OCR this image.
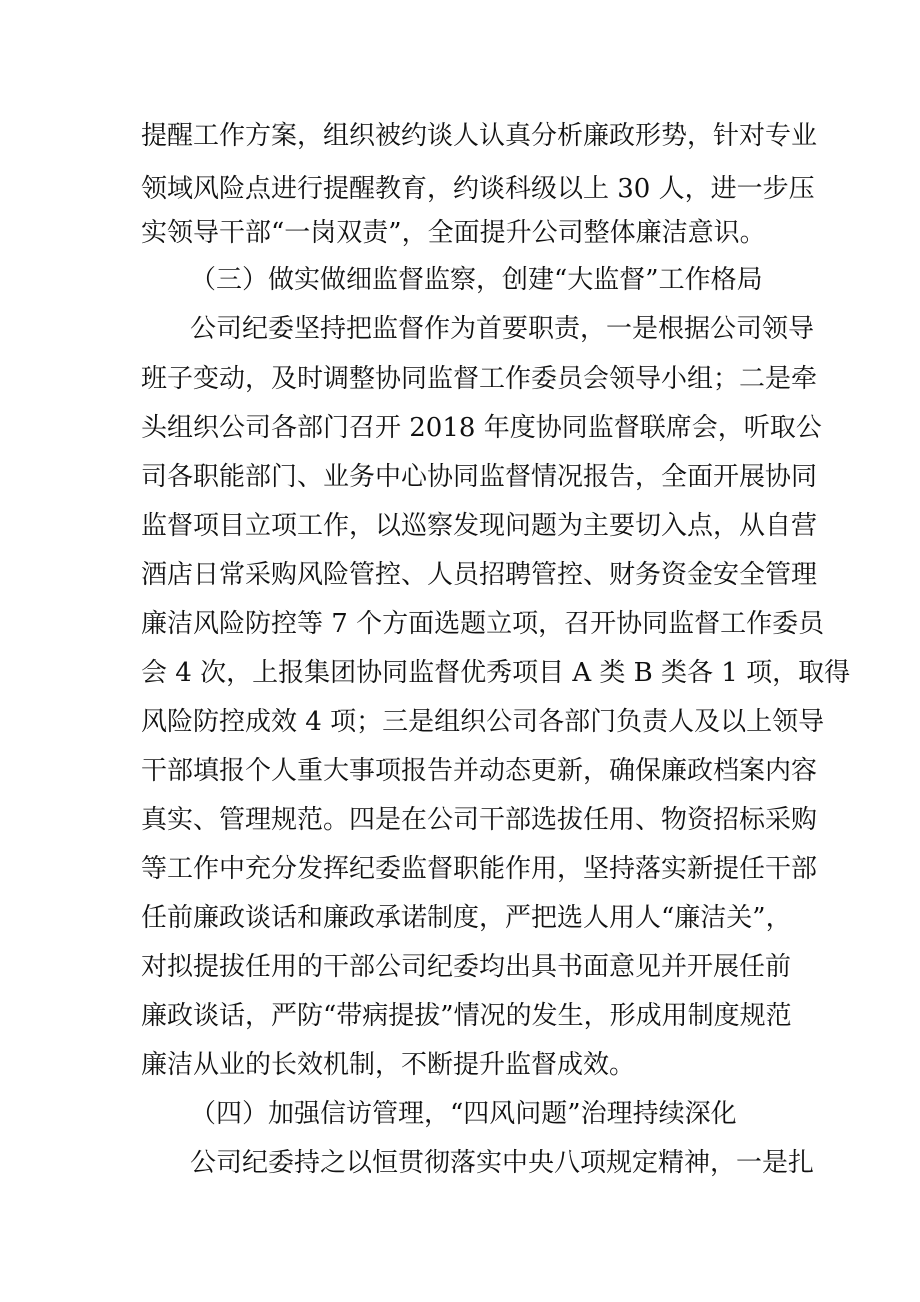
提醒工作方案，组织被约谈人认真分析廉政形势，针对专业
领域风险点进行提醒教育，约谈科级以上 30 人，进一步压
实领导干部“一岗双责”，全面提升公司整体廉洁意识。
（三）做实做细监督监察，创建“大监督”工作格局
公司纪委坚持把监督作为首要职责，一是根据公司领导
班子变动，及时调整协同监督工作委员会领导小组；二是牵
头组织公司各部门召开 2018 年度协同监督联席会，听取公
司各职能部门、业务中心协同监督情况报告，全面开展协同
监督项目立项工作，以巡察发现问题为主要切入点，从自营
酒店日常采购风险管控、人员招聘管控、财务资金安全管理
廉洁风险防控等 7 个方面选题立项，召开协同监督工作委员
会 4 次，上报集团协同监督优秀项目 A 类 B 类各 1 项，取得
风险防控成效 4 项；三是组织公司各部门负责人及以上领导
干部填报个人重大事项报告并动态更新，确保廉政档案内容
真实、管理规范。四是在公司干部选拔任用、物资招标采购
等工作中充分发挥纪委监督职能作用，坚持落实新提任干部
任前廉政谈话和廉政承诺制度，严把选人用人“廉洁关”，
对拟提拔任用的干部公司纪委均出具书面意见并开展任前
廉政谈话，严防“带病提拔”情况的发生，形成用制度规范
廉洁从业的长效机制，不断提升监督成效。
（四）加强信访管理，“四风问题”治理持续深化
公司纪委持之以恒贯彻落实中央八项规定精神，一是扎
